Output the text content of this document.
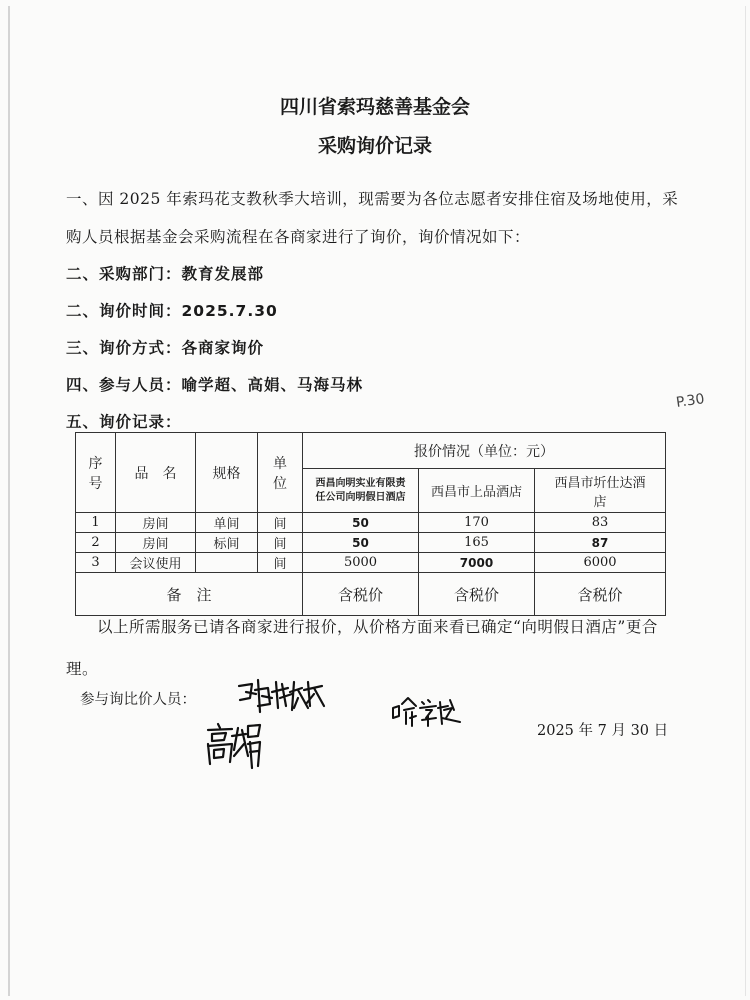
四川省索玛慈善基金会
采购询价记录
一、因 2025 年索玛花支教秋季大培训，现需要为各位志愿者安排住宿及场地使用，采购人员根据基金会采购流程在各商家进行了询价，询价情况如下：
二、采购部门：教育发展部
二、询价时间：2025.7.30
三、询价方式：各商家询价
四、参与人员：喻学超、高娟、马海马林
五、询价记录：
P.30
序号	品　名	规格	单位	报价情况（单位：元）		
				西昌向明实业有限责任公司向明假日酒店	西昌市上品酒店	西昌市圻仕达酒店
1	房间	单间	间	50	170	83
2	房间	标间	间	50	165	87
3	会议使用		间	5000	7000	6000
备　注				含税价	含税价	含税价
以上所需服务已请各商家进行报价，从价格方面来看已确定“向明假日酒店”更合理。
参与询比价人员：
2025 年 7 月 30 日
